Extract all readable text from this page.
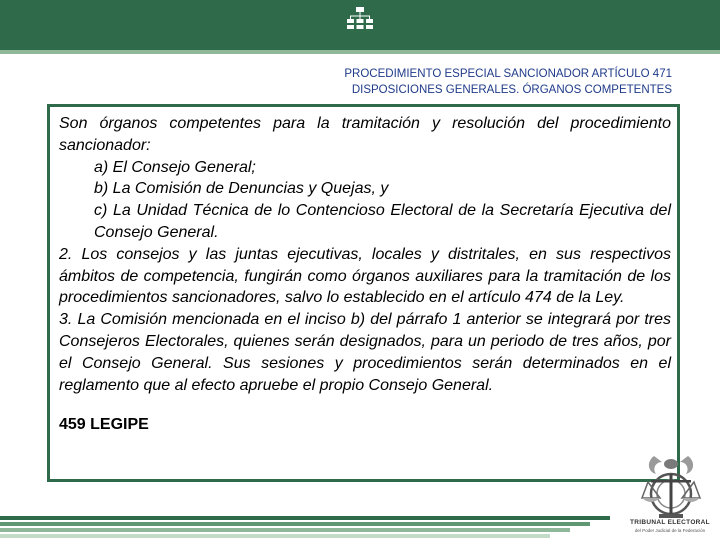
PROCEDIMIENTO ESPECIAL SANCIONADOR ARTÍCULO 471
DISPOSICIONES GENERALES. ÓRGANOS COMPETENTES

Son órganos competentes para la tramitación y resolución del procedimiento sancionador:

a) El Consejo General;

b) La Comisión de Denuncias y Quejas, y

c) La Unidad Técnica de lo Contencioso Electoral de la Secretaría Ejecutiva del Consejo General.

2. Los consejos y las juntas ejecutivas, locales y distritales, en sus respectivos ámbitos de competencia, fungirán como órganos auxiliares para la tramitación de los procedimientos sancionadores, salvo lo establecido en el artículo 474 de la Ley.

3. La Comisión mencionada en el inciso b) del párrafo 1 anterior se integrará por tres Consejeros Electorales, quienes serán designados, para un periodo de tres años, por el Consejo General. Sus sesiones y procedimientos serán determinados en el reglamento que al efecto apruebe el propio Consejo General.

459 LEGIPE

TRIBUNAL ELECTORAL
del Poder Judicial de la Federación
